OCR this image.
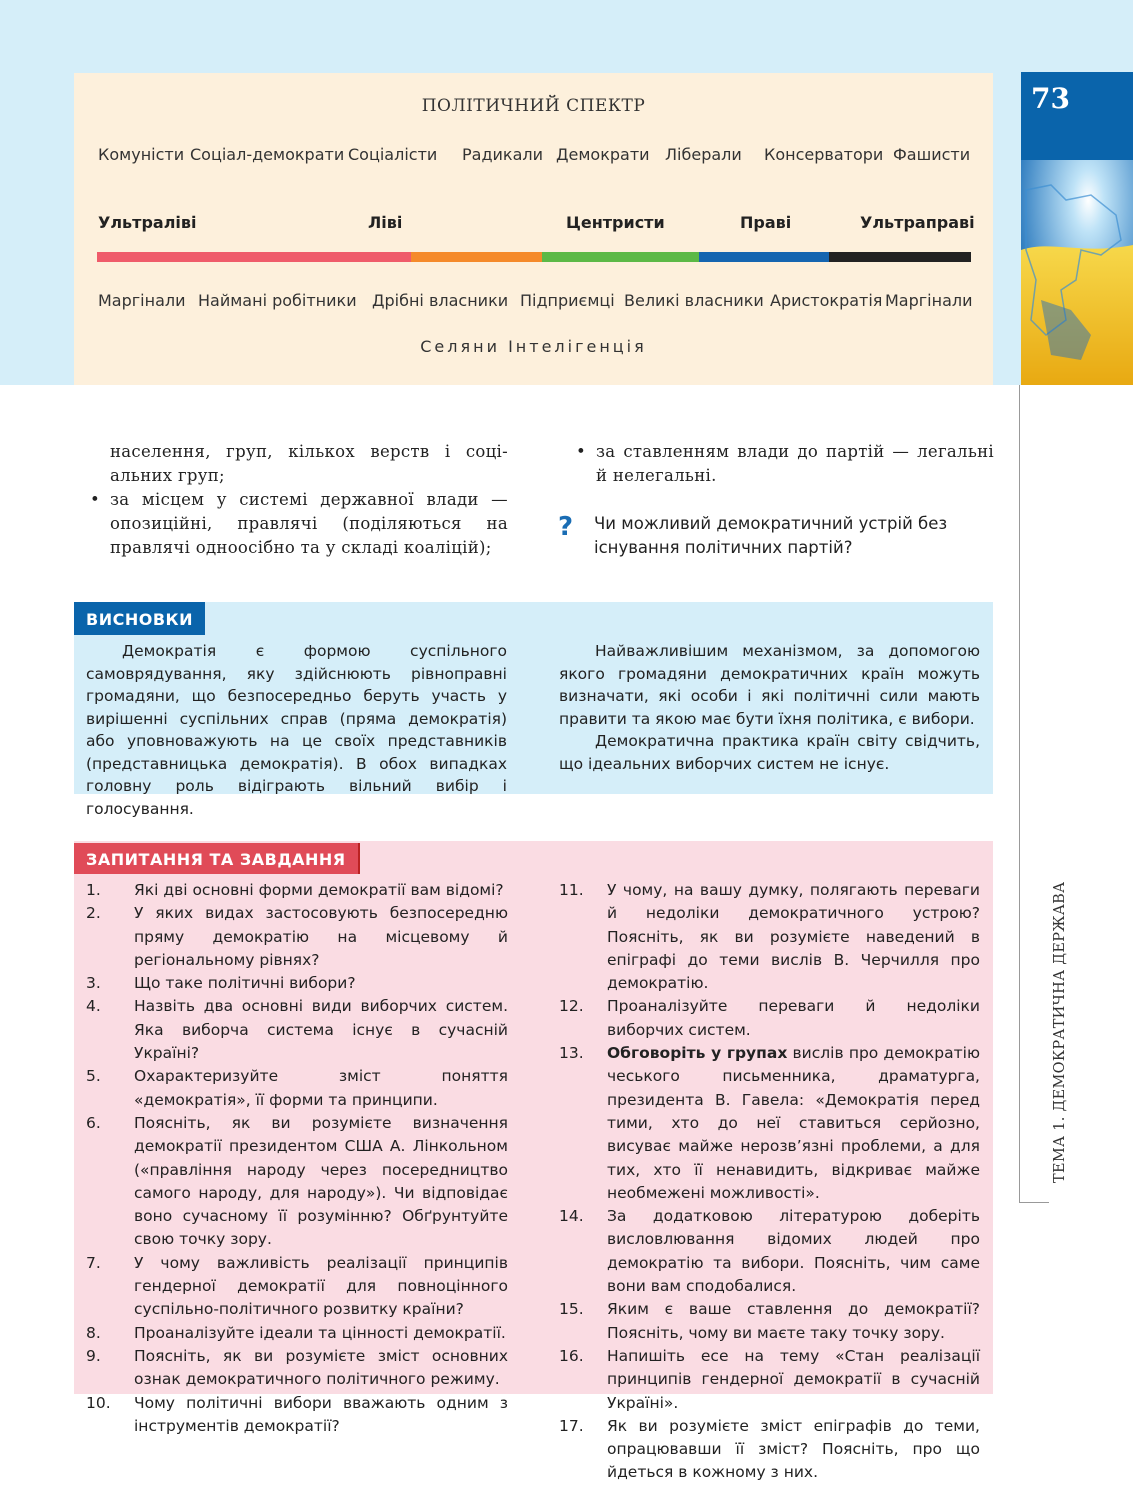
ПОЛІТИЧНИЙ СПЕКТР
Комуністи Соціал-демократи Соціалісти Радикали Демократи Ліберали Консерватори Фашисти
Ультраліві	Ліві	Центристи	Праві	Ультраправі
Маргінали Наймані робітники Дрібні власники Підприємці Великі власники Аристократія Маргінали
Селяни Інтелігенція
73
ТЕМА 1. ДЕМОКРАТИЧНА ДЕРЖАВА
населення, груп, кількох верств і соці-альних груп;
• за місцем у системі державної влади — опозиційні, правлячі (поділяються на правлячі одноосібно та у складі коаліцій);
• за ставленням влади до партій — легальні й нелегальні.
? Чи можливий демократичний устрій без існування політичних партій?
ВИСНОВКИ

Демократія є формою суспільного самоврядування, яку здійснюють рівноправні громадяни, що безпосередньо беруть участь у вирішенні суспільних справ (пряма демократія) або уповноважують на це своїх представників (представницька демократія). В обох випадках головну роль відіграють вільний вибір і голосування.

Найважливішим механізмом, за допомогою якого громадяни демократичних країн можуть визначати, які особи і які політичні сили мають правити та якою має бути їхня політика, є вибори.

Демократична практика країн світу свідчить, що ідеальних виборчих систем не існує.

ЗАПИТАННЯ ТА ЗАВДАННЯ
1. Які дві основні форми демократії вам відомі?
2. У яких видах застосовують безпосередню пряму демократію на місцевому й регіональному рівнях?
3. Що таке політичні вибори?
4. Назвіть два основні види виборчих систем. Яка виборча система існує в сучасній Україні?
5. Охарактеризуйте зміст поняття «демократія», її форми та принципи.
6. Поясніть, як ви розумієте визначення демократії президентом США А. Лінкольном («правління народу через посередництво самого народу, для народу»). Чи відповідає воно сучасному її розумінню? Обґрунтуйте свою точку зору.
7. У чому важливість реалізації принципів гендерної демократії для повноцінного суспільно-політичного розвитку країни?
8. Проаналізуйте ідеали та цінності демократії.
9. Поясніть, як ви розумієте зміст основних ознак демократичного політичного режиму.
10. Чому політичні вибори вважають одним з інструментів демократії?
11. У чому, на вашу думку, полягають переваги й недоліки демократичного устрою? Поясніть, як ви розумієте наведений в епіграфі до теми вислів В. Черчилля про демократію.
12. Проаналізуйте переваги й недоліки виборчих систем.
13. Обговоріть у групах вислів про демократію чеського письменника, драматурга, президента В. Гавела: «Демократія перед тими, хто до неї ставиться серйозно, висуває майже нерозв’язні проблеми, а для тих, хто її ненавидить, відкриває майже необмежені можливості».
14. За додатковою літературою доберіть висловлювання відомих людей про демократію та вибори. Поясніть, чим саме вони вам сподобалися.
15. Яким є ваше ставлення до демократії? Поясніть, чому ви маєте таку точку зору.
16. Напишіть есе на тему «Стан реалізації принципів гендерної демократії в сучасній Україні».
17. Як ви розумієте зміст епіграфів до теми, опрацювавши її зміст? Поясніть, про що йдеться в кожному з них.
